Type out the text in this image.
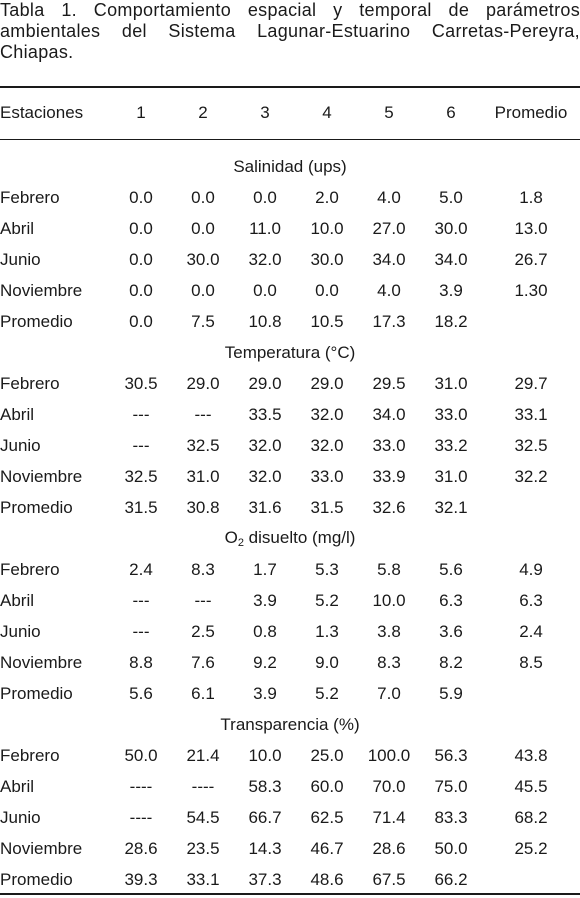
Tabla 1. Comportamiento espacial y temporal de parámetros ambientales del Sistema Lagunar-Estuarino Carretas-Pereyra, Chiapas.
Estaciones	1	2	3	4	5	6	Promedio
Salinidad (ups)							
Febrero	0.0	0.0	0.0	2.0	4.0	5.0	1.8
Abril	0.0	0.0	11.0	10.0	27.0	30.0	13.0
Junio	0.0	30.0	32.0	30.0	34.0	34.0	26.7
Noviembre	0.0	0.0	0.0	0.0	4.0	3.9	1.30
Promedio	0.0	7.5	10.8	10.5	17.3	18.2	
Temperatura (°C)							
Febrero	30.5	29.0	29.0	29.0	29.5	31.0	29.7
Abril	---	---	33.5	32.0	34.0	33.0	33.1
Junio	---	32.5	32.0	32.0	33.0	33.2	32.5
Noviembre	32.5	31.0	32.0	33.0	33.9	31.0	32.2
Promedio	31.5	30.8	31.6	31.5	32.6	32.1	
$O_2$ disuelto (mg/l)							
Febrero	2.4	8.3	1.7	5.3	5.8	5.6	4.9
Abril	---	---	3.9	5.2	10.0	6.3	6.3
Junio	---	2.5	0.8	1.3	3.8	3.6	2.4
Noviembre	8.8	7.6	9.2	9.0	8.3	8.2	8.5
Promedio	5.6	6.1	3.9	5.2	7.0	5.9	
Transparencia (%)							
Febrero	50.0	21.4	10.0	25.0	100.0	56.3	43.8
Abril	----	----	58.3	60.0	70.0	75.0	45.5
Junio	----	54.5	66.7	62.5	71.4	83.3	68.2
Noviembre	28.6	23.5	14.3	46.7	28.6	50.0	25.2
Promedio	39.3	33.1	37.3	48.6	67.5	66.2	
